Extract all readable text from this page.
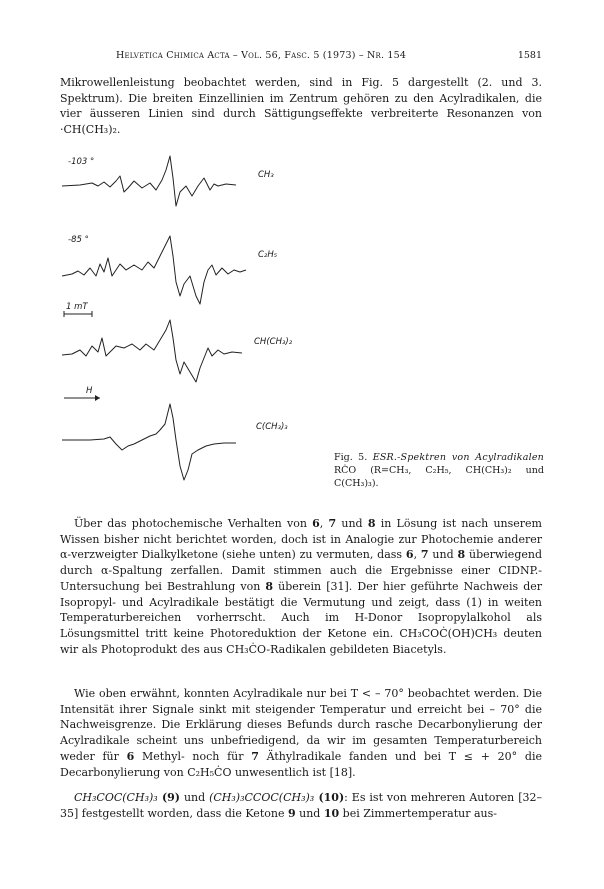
Helvetica Chimica Acta – Vol. 56, Fasc. 5 (1973) – Nr. 154	1581

Mikrowellenleistung beobachtet werden, sind in Fig. 5 dargestellt (2. und 3. Spektrum). Die breiten Einzellinien im Zentrum gehören zu den Acylradikalen, die vier äusseren Linien sind durch Sättigungseffekte verbreiterte Resonanzen von ·CH(CH₃)₂.

-103 °
-85 °
1 mT
H
CH₃
C₂H₅
CH(CH₃)₂
C(CH₃)₃
Fig. 5. ESR.-Spektren von Acylradikalen RĊO (R=CH₃, C₂H₅, CH(CH₃)₂ und C(CH₃)₃).

Über das photochemische Verhalten von 6, 7 und 8 in Lösung ist nach unserem Wissen bisher nicht berichtet worden, doch ist in Analogie zur Photochemie anderer α-verzweigter Dialkylketone (siehe unten) zu vermuten, dass 6, 7 und 8 überwiegend durch α-Spaltung zerfallen. Damit stimmen auch die Ergebnisse einer CIDNP.-Untersuchung bei Bestrahlung von 8 überein [31]. Der hier geführte Nachweis der Isopropyl- und Acylradikale bestätigt die Vermutung und zeigt, dass (1) in weiten Temperaturbereichen vorherrscht. Auch im H-Donor Isopropylalkohol als Lösungsmittel tritt keine Photoreduktion der Ketone ein. CH₃COĊ(OH)CH₃ deuten wir als Photoprodukt des aus CH₃ĊO-Radikalen gebildeten Biacetyls.

Wie oben erwähnt, konnten Acylradikale nur bei T < – 70° beobachtet werden. Die Intensität ihrer Signale sinkt mit steigender Temperatur und erreicht bei – 70° die Nachweisgrenze. Die Erklärung dieses Befunds durch rasche Decarbonylierung der Acylradikale scheint uns unbefriedigend, da wir im gesamten Temperaturbereich weder für 6 Methyl- noch für 7 Äthylradikale fanden und bei T ≤ + 20° die Decarbonylierung von C₂H₅ĊO unwesentlich ist [18].

CH₃COC(CH₃)₃ (9) und (CH₃)₃CCOC(CH₃)₃ (10): Es ist von mehreren Autoren [32–35] festgestellt worden, dass die Ketone 9 und 10 bei Zimmertemperatur aus-
